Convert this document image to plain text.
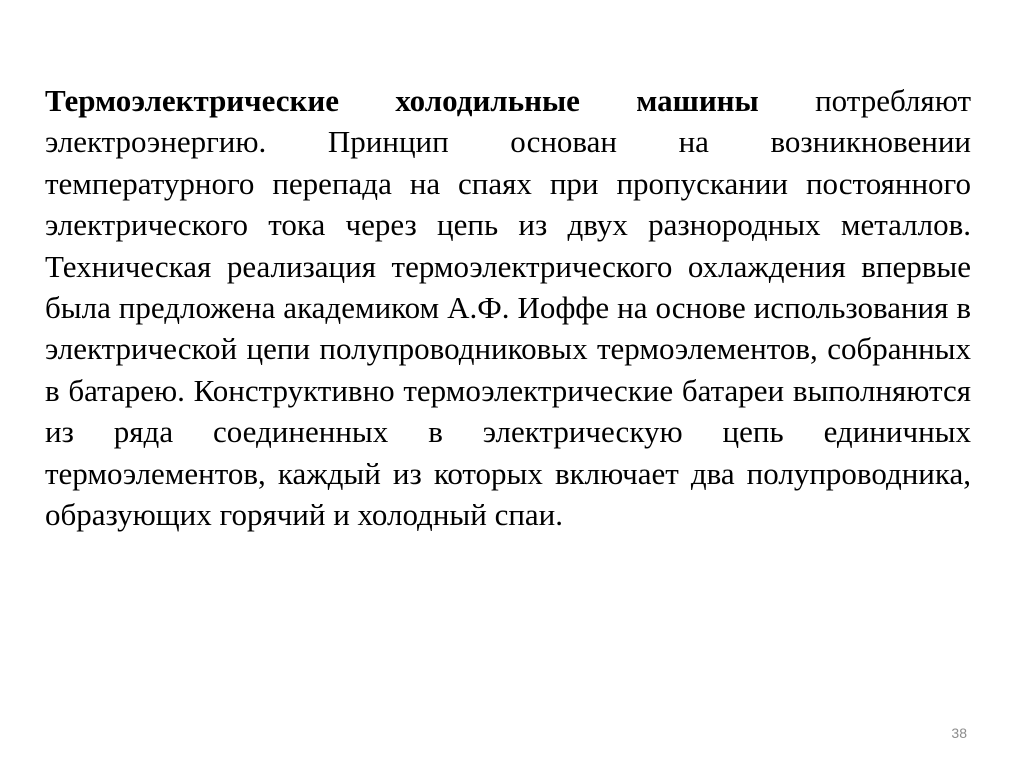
Термоэлектрические холодильные машины потребляют электроэнергию. Принцип основан на возникновении температурного перепада на спаях при пропускании постоянного электрического тока через цепь из двух разнородных металлов. Техническая реализация термоэлектрического охлаждения впервые была предложена академиком А.Ф. Иоффе на основе использования в электрической цепи полупроводниковых термоэлементов, собранных в батарею. Конструктивно термоэлектрические батареи выполняются из ряда соединенных в электрическую цепь единичных термоэлементов, каждый из которых включает два полупроводника, образующих горячий и холодный спаи.

38
